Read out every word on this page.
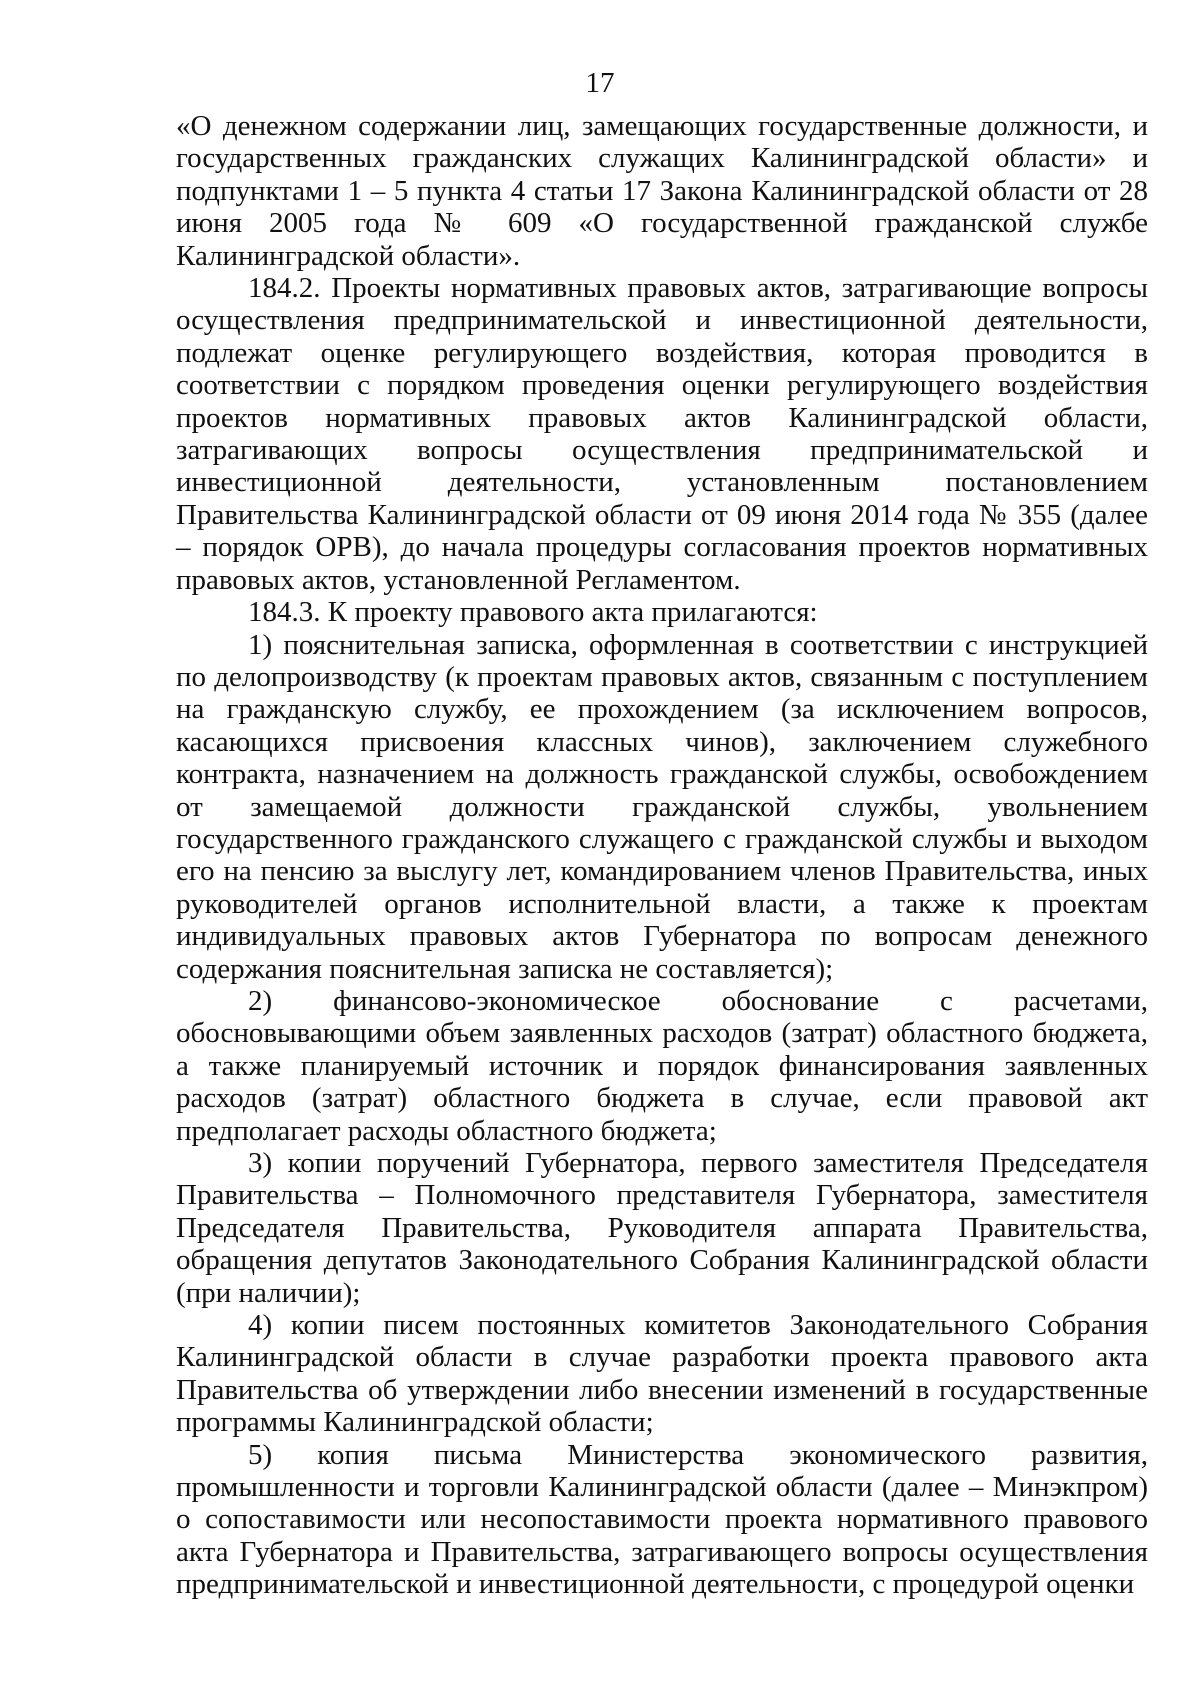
17

«О денежном содержании лиц, замещающих государственные должности, и государственных гражданских служащих Калининградской области» и подпунктами 1 – 5 пункта 4 статьи 17 Закона Калининградской области от 28 июня 2005 года № 609 «О государственной гражданской службе Калининградской области».

184.2. Проекты нормативных правовых актов, затрагивающие вопросы осуществления предпринимательской и инвестиционной деятельности, подлежат оценке регулирующего воздействия, которая проводится в соответствии с порядком проведения оценки регулирующего воздействия проектов нормативных правовых актов Калининградской области, затрагивающих вопросы осуществления предпринимательской и инвестиционной деятельности, установленным постановлением Правительства Калининградской области от 09 июня 2014 года № 355 (далее – порядок ОРВ), до начала процедуры согласования проектов нормативных правовых актов, установленной Регламентом.

184.3. К проекту правового акта прилагаются:

1) пояснительная записка, оформленная в соответствии с инструкцией по делопроизводству (к проектам правовых актов, связанным с поступлением на гражданскую службу, ее прохождением (за исключением вопросов, касающихся присвоения классных чинов), заключением служебного контракта, назначением на должность гражданской службы, освобождением от замещаемой должности гражданской службы, увольнением государственного гражданского служащего с гражданской службы и выходом его на пенсию за выслугу лет, командированием членов Правительства, иных руководителей органов исполнительной власти, а также к проектам индивидуальных правовых актов Губернатора по вопросам денежного содержания пояснительная записка не составляется);

2) финансово-экономическое обоснование с расчетами, обосновывающими объем заявленных расходов (затрат) областного бюджета, а также планируемый источник и порядок финансирования заявленных расходов (затрат) областного бюджета в случае, если правовой акт предполагает расходы областного бюджета;

3) копии поручений Губернатора, первого заместителя Председателя Правительства – Полномочного представителя Губернатора, заместителя Председателя Правительства, Руководителя аппарата Правительства, обращения депутатов Законодательного Собрания Калининградской области (при наличии);

4) копии писем постоянных комитетов Законодательного Собрания Калининградской области в случае разработки проекта правового акта Правительства об утверждении либо внесении изменений в государственные программы Калининградской области;

5) копия письма Министерства экономического развития, промышленности и торговли Калининградской области (далее – Минэкпром) о сопоставимости или несопоставимости проекта нормативного правового акта Губернатора и Правительства, затрагивающего вопросы осуществления предпринимательской и инвестиционной деятельности, с процедурой оценки
